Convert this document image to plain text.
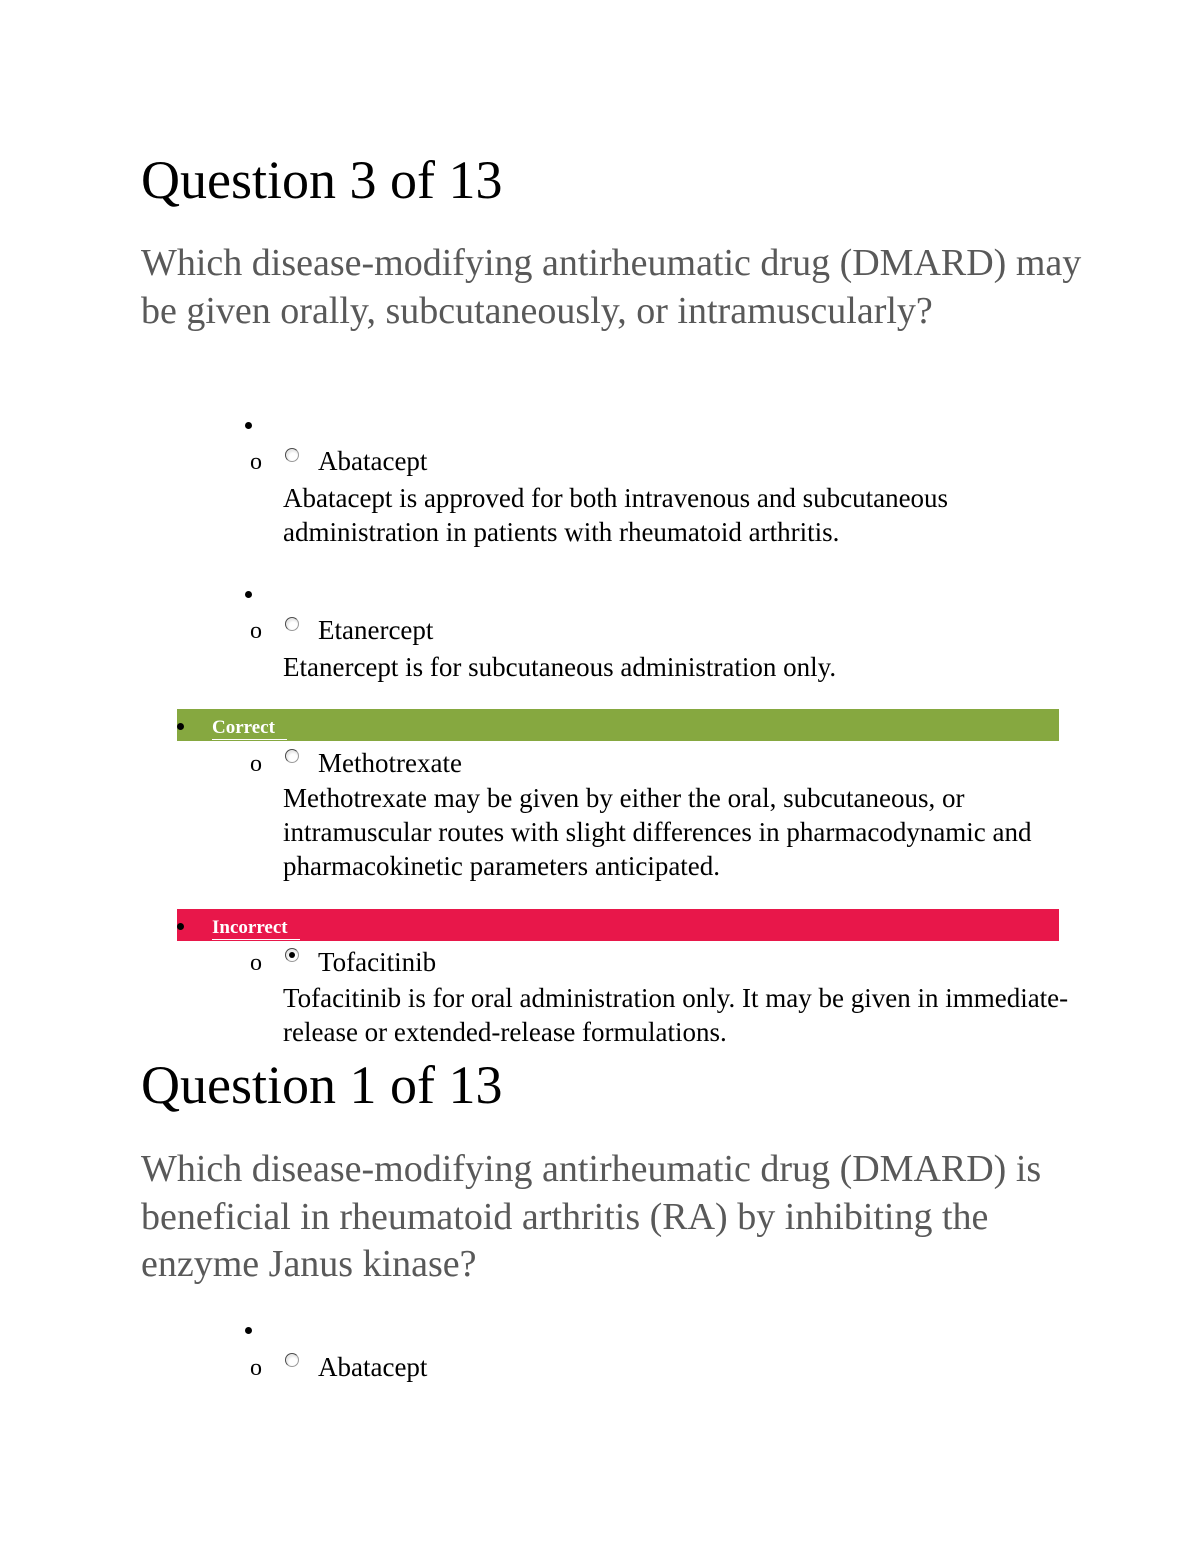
Question 3 of 13

Which disease-modifying antirheumatic drug (DMARD) may be given orally, subcutaneously, or intramuscularly?

o Abatacept

Abatacept is approved for both intravenous and subcutaneous administration in patients with rheumatoid arthritis.

o Etanercept

Etanercept is for subcutaneous administration only.

Correct
o Methotrexate

Methotrexate may be given by either the oral, subcutaneous, or intramuscular routes with slight differences in pharmacodynamic and pharmacokinetic parameters anticipated.

Incorrect
o Tofacitinib

Tofacitinib is for oral administration only. It may be given in immediate-release or extended-release formulations.

Question 1 of 13

Which disease-modifying antirheumatic drug (DMARD) is beneficial in rheumatoid arthritis (RA) by inhibiting the enzyme Janus kinase?

o Abatacept
